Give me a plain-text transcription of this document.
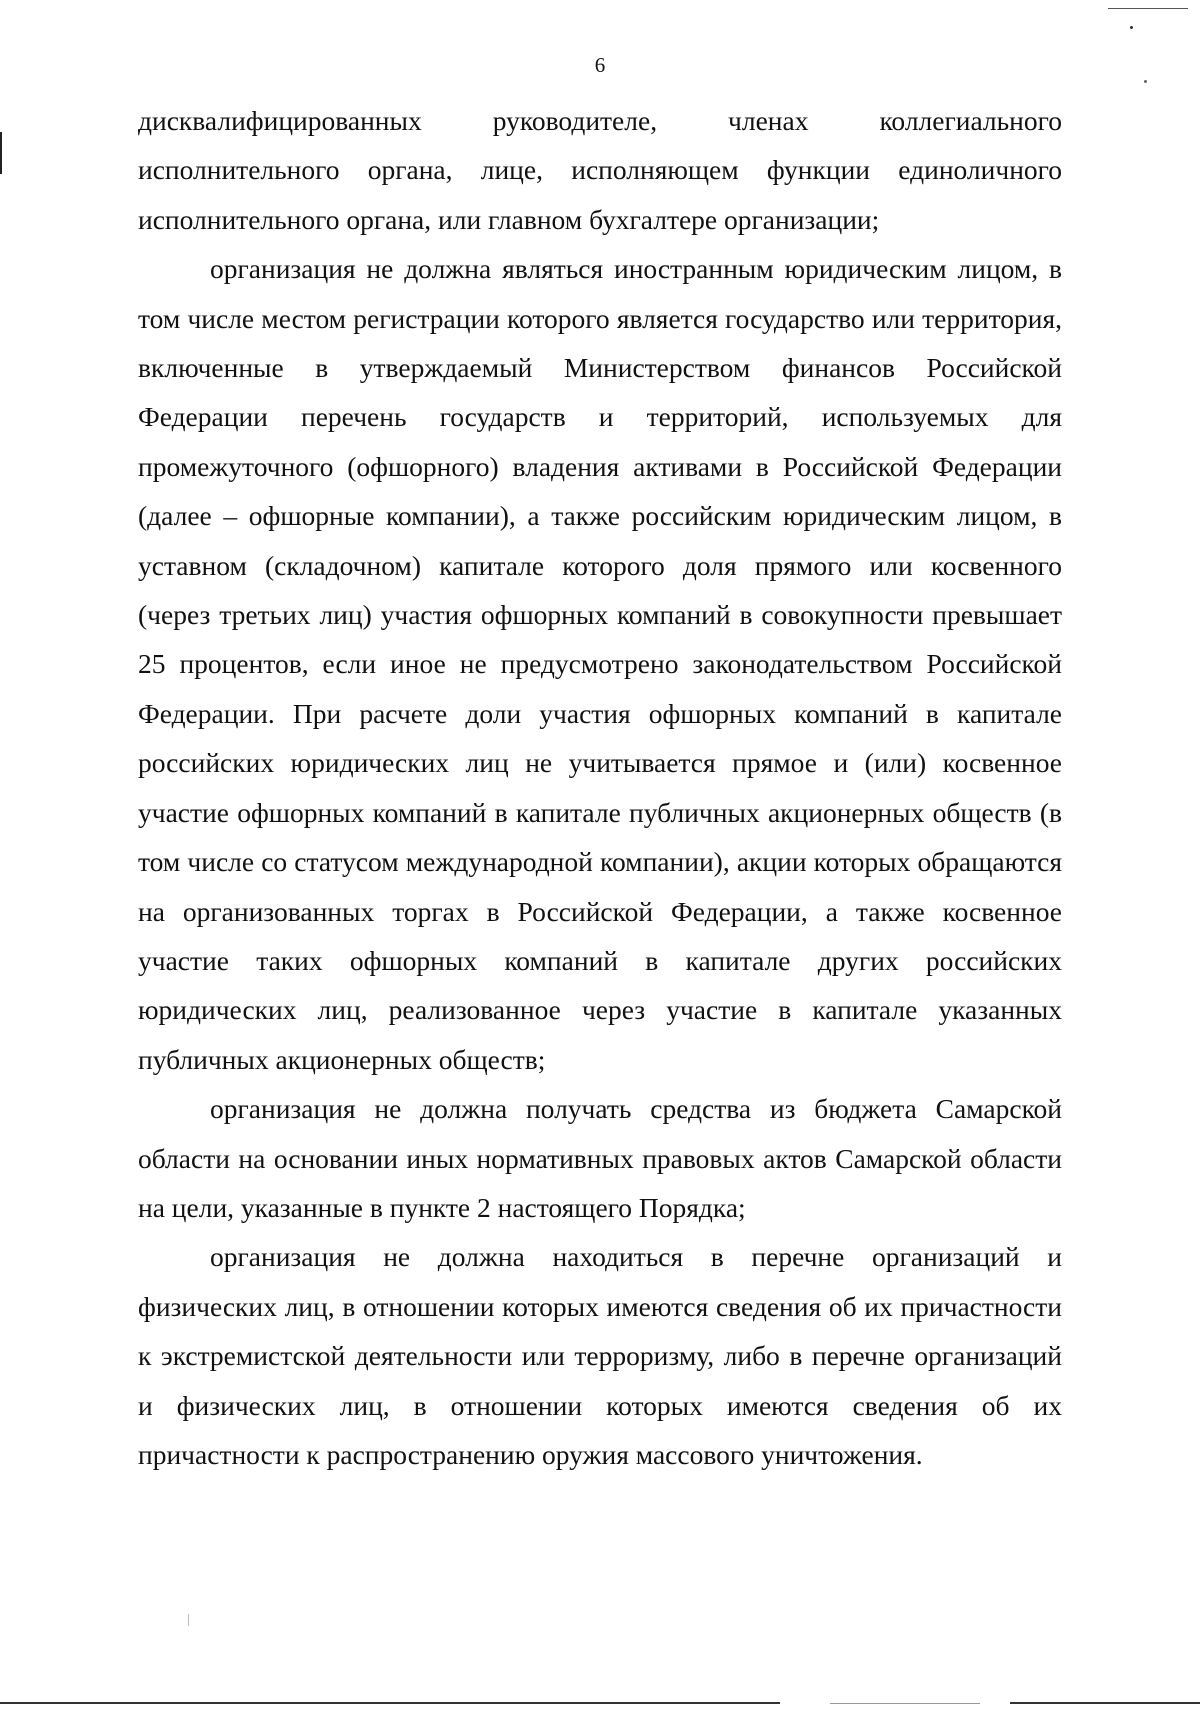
6

дисквалифицированных руководителе, членах коллегиального исполнительного органа, лице, исполняющем функции единоличного исполнительного органа, или главном бухгалтере организации;

организация не должна являться иностранным юридическим лицом, в том числе местом регистрации которого является государство или территория, включенные в утверждаемый Министерством финансов Российской Федерации перечень государств и территорий, используемых для промежуточного (офшорного) владения активами в Российской Федерации (далее – офшорные компании), а также российским юридическим лицом, в уставном (складочном) капитале которого доля прямого или косвенного (через третьих лиц) участия офшорных компаний в совокупности превышает 25 процентов, если иное не предусмотрено законодательством Российской Федерации. При расчете доли участия офшорных компаний в капитале российских юридических лиц не учитывается прямое и (или) косвенное участие офшорных компаний в капитале публичных акционерных обществ (в том числе со статусом международной компании), акции которых обращаются на организованных торгах в Российской Федерации, а также косвенное участие таких офшорных компаний в капитале других российских юридических лиц, реализованное через участие в капитале указанных публичных акционерных обществ;

организация не должна получать средства из бюджета Самарской области на основании иных нормативных правовых актов Самарской области на цели, указанные в пункте 2 настоящего Порядка;

организация не должна находиться в перечне организаций и физических лиц, в отношении которых имеются сведения об их причастности к экстремистской деятельности или терроризму, либо в перечне организаций и физических лиц, в отношении которых имеются сведения об их причастности к распространению оружия массового уничтожения.
